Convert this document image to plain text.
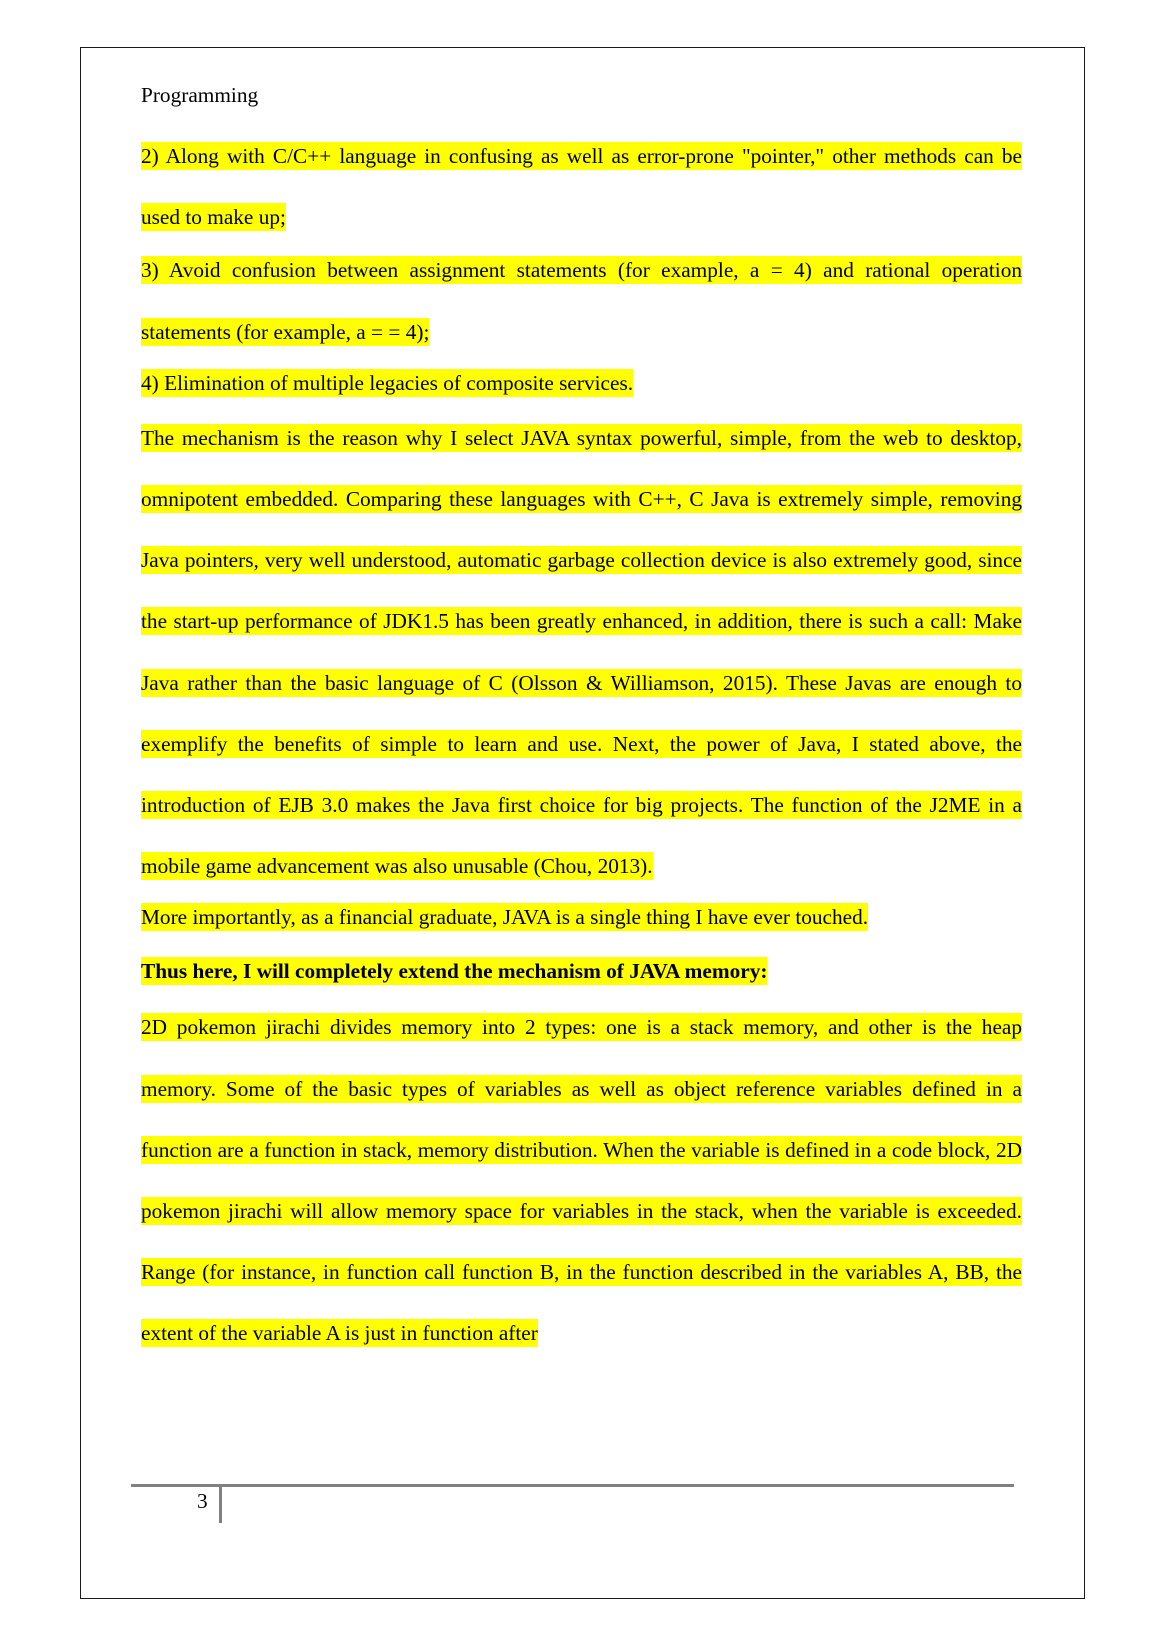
Programming

2) Along with C/C++ language in confusing as well as error-prone "pointer," other methods can be used to make up;

3) Avoid confusion between assignment statements (for example, a = 4) and rational operation statements (for example, a = = 4);

4) Elimination of multiple legacies of composite services.

The mechanism is the reason why I select JAVA syntax powerful, simple, from the web to desktop, omnipotent embedded. Comparing these languages with C++, C Java is extremely simple, removing Java pointers, very well understood, automatic garbage collection device is also extremely good, since the start-up performance of JDK1.5 has been greatly enhanced, in addition, there is such a call: Make Java rather than the basic language of C (Olsson & Williamson, 2015). These Javas are enough to exemplify the benefits of simple to learn and use. Next, the power of Java, I stated above, the introduction of EJB 3.0 makes the Java first choice for big projects. The function of the J2ME in a mobile game advancement was also unusable (Chou, 2013).

More importantly, as a financial graduate, JAVA is a single thing I have ever touched.

Thus here, I will completely extend the mechanism of JAVA memory:

2D pokemon jirachi divides memory into 2 types: one is a stack memory, and other is the heap memory. Some of the basic types of variables as well as object reference variables defined in a function are a function in stack, memory distribution. When the variable is defined in a code block, 2D pokemon jirachi will allow memory space for variables in the stack, when the variable is exceeded. Range (for instance, in function call function B, in the function described in the variables A, BB, the extent of the variable A is just in function after

3
